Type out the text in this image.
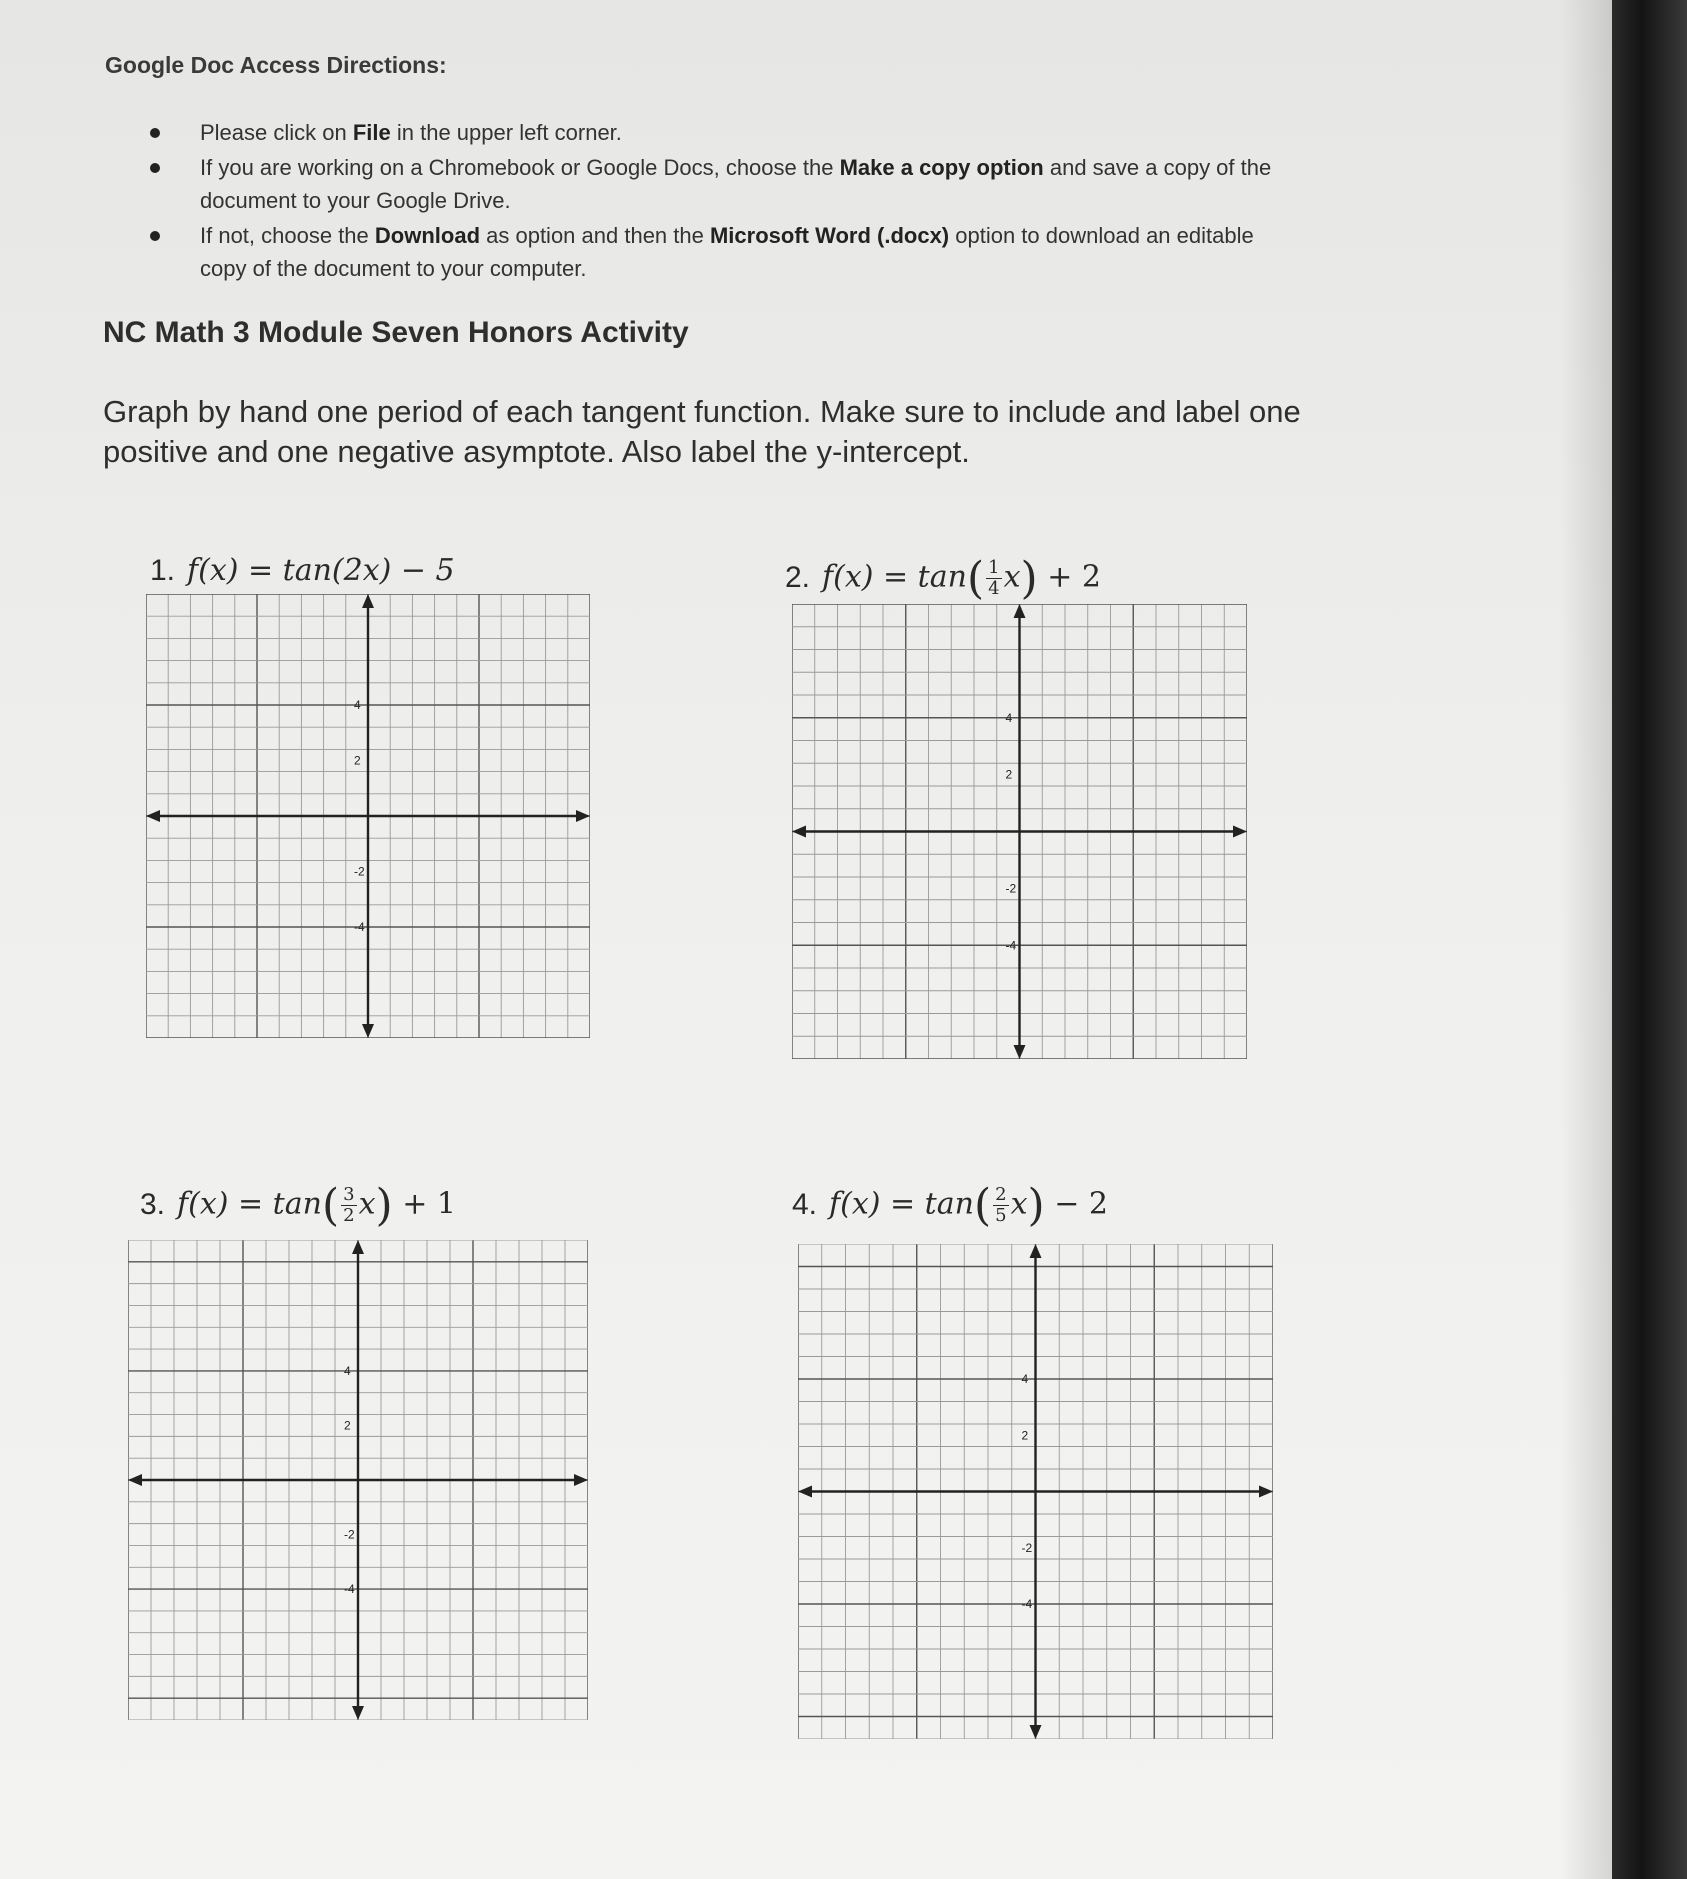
Google Doc Access Directions:
Please click on File in the upper left corner.
If you are working on a Chromebook or Google Docs, choose the Make a copy option and save a copy of the document to your Google Drive.
If not, choose the Download as option and then the Microsoft Word (.docx) option to download an editable copy of the document to your computer.
NC Math 3 Module Seven Honors Activity
Graph by hand one period of each tangent function. Make sure to include and label one positive and one negative asymptote. Also label the y-intercept.
1. f(x) = tan(2x) − 5
4
2
-2
-4
2. $f(x) = \tan( \frac{1}{4} x) + 2$
4
2
-2
-4
3. $f(x) = \tan( \frac{3}{2} x) + 1$
4
2
-2
-4
4. $f(x) = \tan( \frac{2}{5} x) - 2$
4
2
-2
-4
